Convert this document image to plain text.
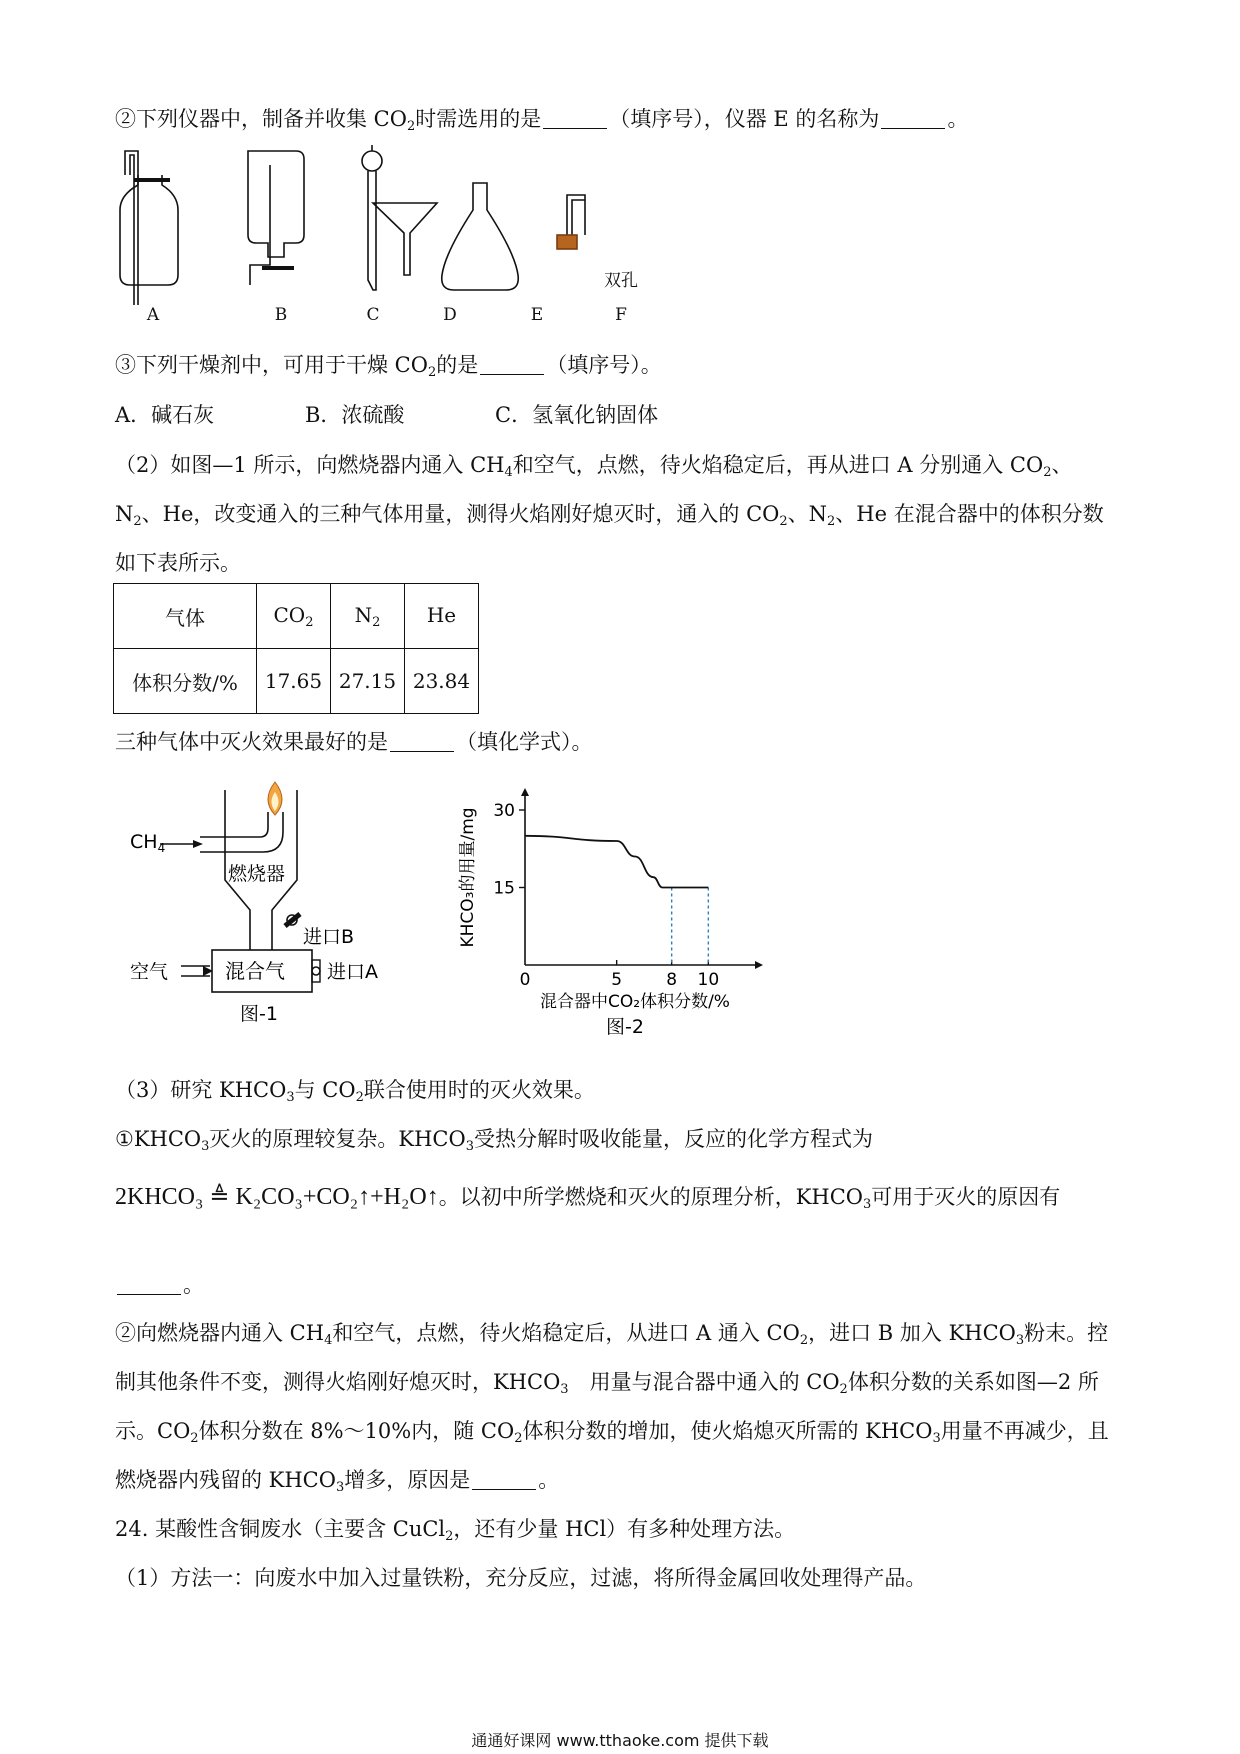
②下列仪器中，制备并收集 $CO_2$时需选用的是	（填序号），仪器 E 的名称为	。
A	B	C	D	E	F
双孔
③下列干燥剂中，可用于干燥 $CO_2$的是	（填序号）。
A．碱石灰	B．浓硫酸	C．氢氧化钠固体
（2）如图—1 所示，向燃烧器内通入 $CH_4$和空气，点燃，待火焰稳定后，再从进口 A 分别通入 $CO_2$、
$N_2$、He，改变通入的三种气体用量，测得火焰刚好熄灭时，通入的 $CO_2$、$N_2$、He 在混合器中的体积分数
如下表所示。
气体	$CO_2$	$N_2$	He
体积分数/%	17.65	27.15	23.84
三种气体中灭火效果最好的是	（填化学式）。
$CH_4$
燃烧器
进口B
空气	混合气 进口A
图-1
15
30
0	5	8 10
混合器中CO₂体积分数/%
KHCO₃的用量/mg
图-2
（3）研究 $KHCO_3$与 $CO_2$联合使用时的灭火效果。
$①KHCO_3$灭火的原理较复杂。$KHCO_3$受热分解时吸收能量，反应的化学方程式为
2KHCO₃ ≜ K₂CO₃+CO₂↑+H₂O↑。以初中所学燃烧和灭火的原理分析，$KHCO_3$可用于灭火的原因有
。
②向燃烧器内通入 $CH_4$和空气，点燃，待火焰稳定后，从进口 A 通入 $CO_2$，进口 B 加入 $KHCO_3$粉末。控
制其他条件不变，测得火焰刚好熄灭时，$KHCO_3$　用量与混合器中通入的 $CO_2$体积分数的关系如图—2 所
示。$CO_2$体积分数在 8%～10%内，随 $CO_2$体积分数的增加，使火焰熄灭所需的 $KHCO_3$用量不再减少，且
燃烧器内残留的 $KHCO_3$增多，原因是	。
24. 某酸性含铜废水（主要含 CuCl$_2$，还有少量 HCl）有多种处理方法。
（1）方法一：向废水中加入过量铁粉，充分反应，过滤，将所得金属回收处理得产品。
通通好课网 www.tthaoke.com 提供下载
